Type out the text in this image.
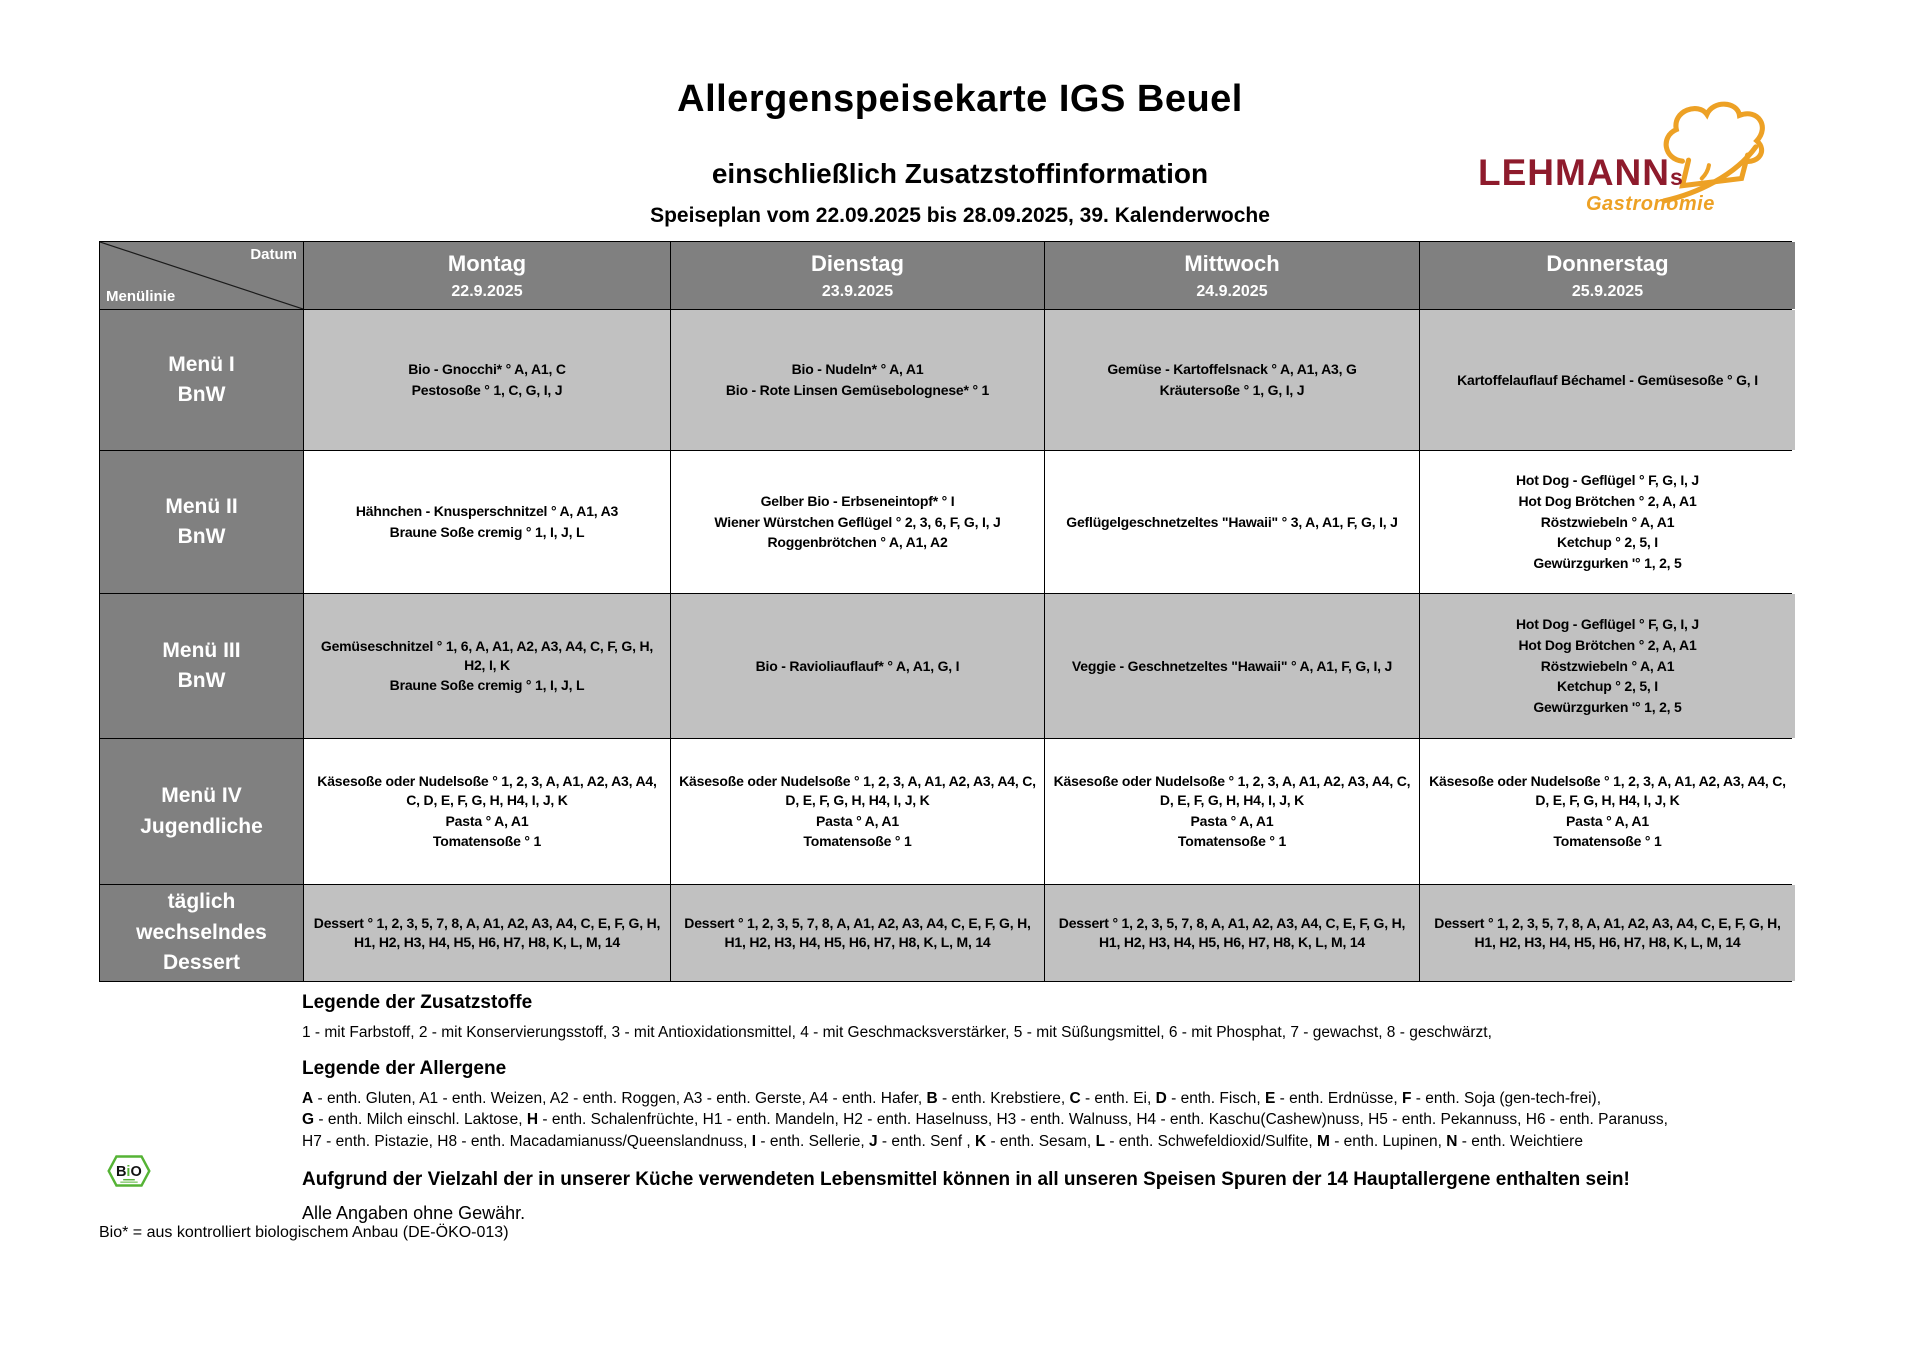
Allergenspeisekarte IGS Beuel
einschließlich Zusatzstoffinformation
Speiseplan vom 22.09.2025 bis 28.09.2025, 39. Kalenderwoche
LEHMANNs
Gastronomie
Datum
Menülinie
Montag
22.9.2025
Dienstag
23.9.2025
Mittwoch
24.9.2025
Donnerstag
25.9.2025
Menü I
BnW
Bio - Gnocchi* ° A, A1, C
Pestosoße ° 1, C, G, I, J
Bio - Nudeln* ° A, A1
Bio - Rote Linsen Gemüsebolognese* ° 1
Gemüse - Kartoffelsnack ° A, A1, A3, G
Kräutersoße ° 1, G, I, J
Kartoffelauflauf Béchamel - Gemüsesoße ° G, I
Menü II
BnW
Hähnchen - Knusperschnitzel ° A, A1, A3
Braune Soße cremig ° 1, I, J, L
Gelber Bio - Erbseneintopf* ° I
Wiener Würstchen Geflügel ° 2, 3, 6, F, G, I, J
Roggenbrötchen ° A, A1, A2
Geflügelgeschnetzeltes "Hawaii" ° 3, A, A1, F, G, I, J
Hot Dog - Geflügel ° F, G, I, J
Hot Dog Brötchen ° 2, A, A1
Röstzwiebeln ° A, A1
Ketchup ° 2, 5, I
Gewürzgurken '° 1, 2, 5
Menü III
BnW
Gemüseschnitzel ° 1, 6, A, A1, A2, A3, A4, C, F, G, H, H2, I, K
Braune Soße cremig ° 1, I, J, L
Bio - Ravioliauflauf* ° A, A1, G, I	Veggie - Geschnetzeltes "Hawaii" ° A, A1, F, G, I, J
Hot Dog - Geflügel ° F, G, I, J
Hot Dog Brötchen ° 2, A, A1
Röstzwiebeln ° A, A1
Ketchup ° 2, 5, I
Gewürzgurken '° 1, 2, 5
Menü IV
Jugendliche
Käsesoße oder Nudelsoße ° 1, 2, 3, A, A1, A2, A3, A4, C, D, E, F, G, H, H4, I, J, K
Pasta ° A, A1
Tomatensoße ° 1
Käsesoße oder Nudelsoße ° 1, 2, 3, A, A1, A2, A3, A4, C, D, E, F, G, H, H4, I, J, K
Pasta ° A, A1
Tomatensoße ° 1
Käsesoße oder Nudelsoße ° 1, 2, 3, A, A1, A2, A3, A4, C, D, E, F, G, H, H4, I, J, K
Pasta ° A, A1
Tomatensoße ° 1
Käsesoße oder Nudelsoße ° 1, 2, 3, A, A1, A2, A3, A4, C, D, E, F, G, H, H4, I, J, K
Pasta ° A, A1
Tomatensoße ° 1
täglich
wechselndes
Dessert
Dessert ° 1, 2, 3, 5, 7, 8, A, A1, A2, A3, A4, C, E, F, G, H, H1, H2, H3, H4, H5, H6, H7, H8, K, L, M, 14
Dessert ° 1, 2, 3, 5, 7, 8, A, A1, A2, A3, A4, C, E, F, G, H, H1, H2, H3, H4, H5, H6, H7, H8, K, L, M, 14
Dessert ° 1, 2, 3, 5, 7, 8, A, A1, A2, A3, A4, C, E, F, G, H, H1, H2, H3, H4, H5, H6, H7, H8, K, L, M, 14
Dessert ° 1, 2, 3, 5, 7, 8, A, A1, A2, A3, A4, C, E, F, G, H, H1, H2, H3, H4, H5, H6, H7, H8, K, L, M, 14
Legende der Zusatzstoffe
1 - mit Farbstoff, 2 - mit Konservierungsstoff, 3 - mit Antioxidationsmittel, 4 - mit Geschmacksverstärker, 5 - mit Süßungsmittel, 6 - mit Phosphat, 7 - gewachst, 8 - geschwärzt,
Legende der Allergene
A - enth. Gluten, A1 - enth. Weizen, A2 - enth. Roggen, A3 - enth. Gerste, A4 - enth. Hafer, B - enth. Krebstiere, C - enth. Ei, D - enth. Fisch, E - enth. Erdnüsse, F - enth. Soja (gen-tech-frei),
G - enth. Milch einschl. Laktose, H - enth. Schalenfrüchte, H1 - enth. Mandeln, H2 - enth. Haselnuss, H3 - enth. Walnuss, H4 - enth. Kaschu(Cashew)nuss, H5 - enth. Pekannuss, H6 - enth. Paranuss,
H7 - enth. Pistazie, H8 - enth. Macadamianuss/Queenslandnuss, I - enth. Sellerie, J - enth. Senf , K - enth. Sesam, L - enth. Schwefeldioxid/Sulfite, M - enth. Lupinen, N - enth. Weichtiere
Aufgrund der Vielzahl der in unserer Küche verwendeten Lebensmittel können in all unseren Speisen Spuren der 14 Hauptallergene enthalten sein!
Alle Angaben ohne Gewähr.
BiO
Bio* = aus kontrolliert biologischem Anbau (DE-ÖKO-013)
